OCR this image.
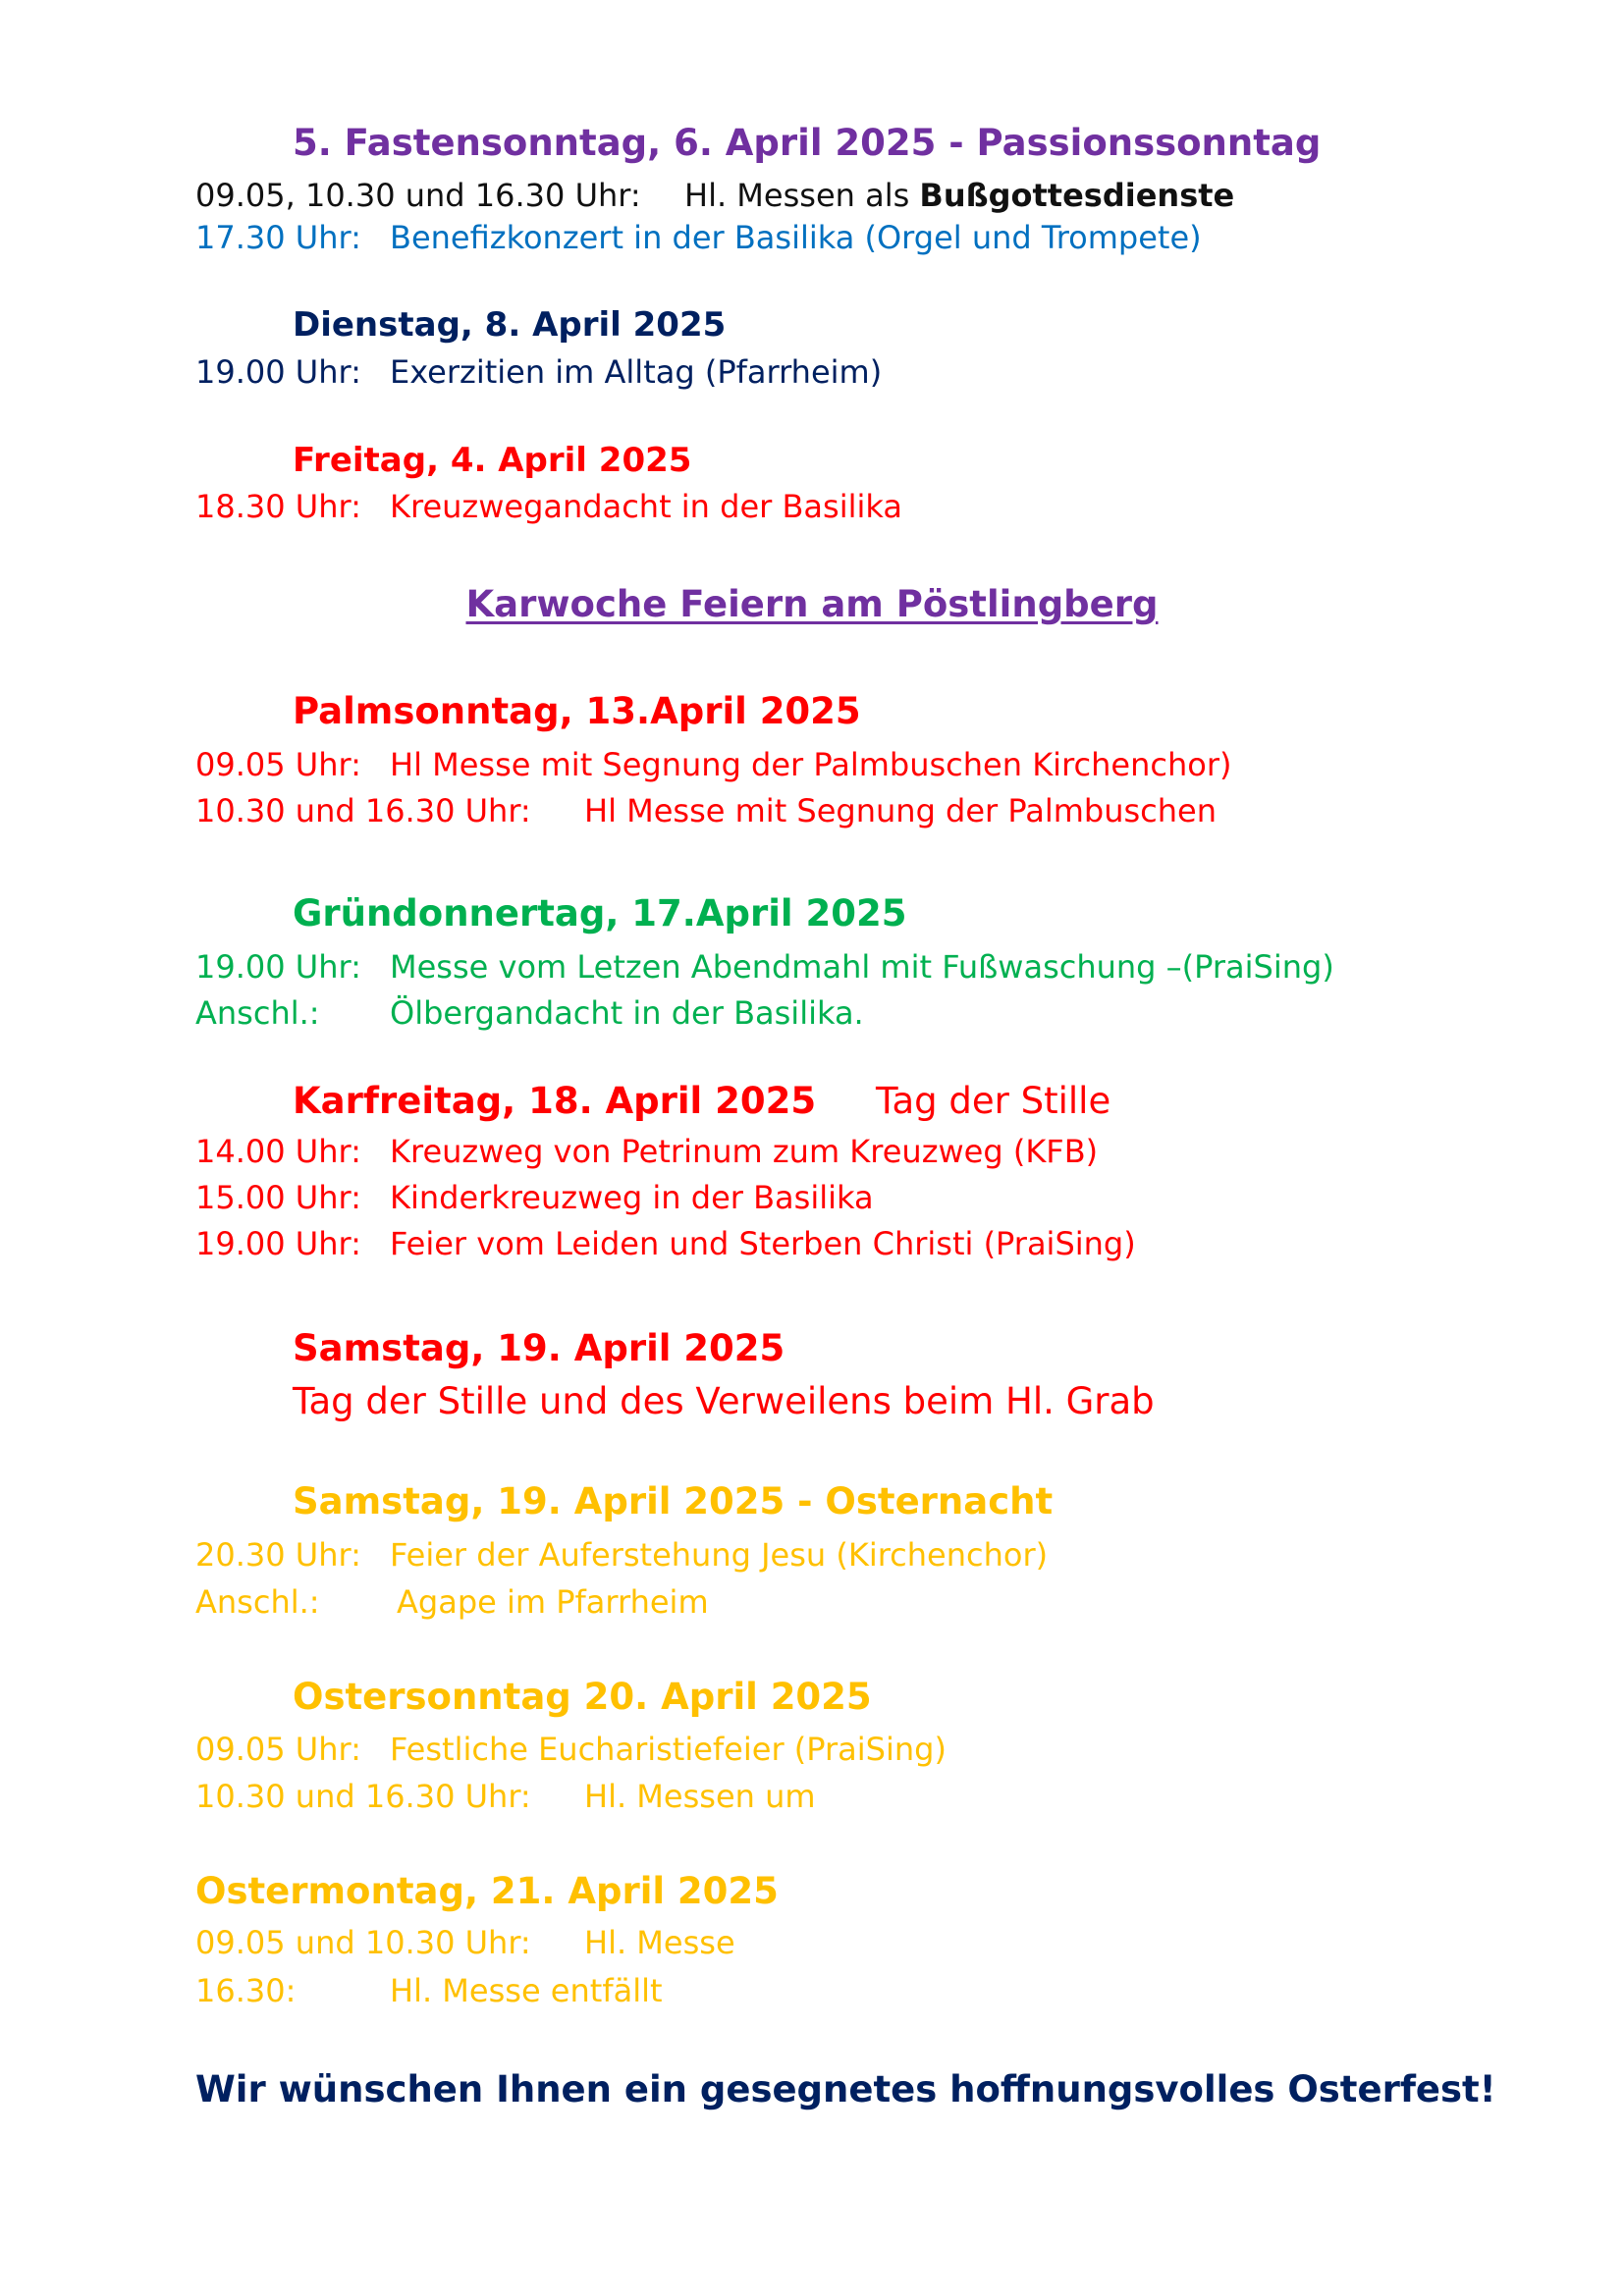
5. Fastensonntag, 6. April 2025 - Passionssonntag
09.05, 10.30 und 16.30 Uhr: Hl. Messen als Bußgottesdienste
17.30 Uhr: Benefizkonzert in der Basilika (Orgel und Trompete)
Dienstag, 8. April 2025
19.00 Uhr: Exerzitien im Alltag (Pfarrheim)
Freitag, 4. April 2025
18.30 Uhr: Kreuzwegandacht in der Basilika
Karwoche Feiern am Pöstlingberg
Palmsonntag, 13.April 2025
09.05 Uhr: Hl Messe mit Segnung der Palmbuschen Kirchenchor)
10.30 und 16.30 Uhr: Hl Messe mit Segnung der Palmbuschen
Gründonnertag, 17.April 2025
19.00 Uhr: Messe vom Letzen Abendmahl mit Fußwaschung –(PraiSing)
Anschl.: Ölbergandacht in der Basilika.
Karfreitag, 18. April 2025 Tag der Stille
14.00 Uhr: Kreuzweg von Petrinum zum Kreuzweg (KFB)
15.00 Uhr: Kinderkreuzweg in der Basilika
19.00 Uhr: Feier vom Leiden und Sterben Christi (PraiSing)
Samstag, 19. April 2025
Tag der Stille und des Verweilens beim Hl. Grab
Samstag, 19. April 2025 - Osternacht
20.30 Uhr: Feier der Auferstehung Jesu (Kirchenchor)
Anschl.: Agape im Pfarrheim
Ostersonntag 20. April 2025
09.05 Uhr: Festliche Eucharistiefeier (PraiSing)
10.30 und 16.30 Uhr: Hl. Messen um
Ostermontag, 21. April 2025
09.05 und 10.30 Uhr: Hl. Messe
16.30:	Hl. Messe entfällt
Wir wünschen Ihnen ein gesegnetes hoffnungsvolles Osterfest!
